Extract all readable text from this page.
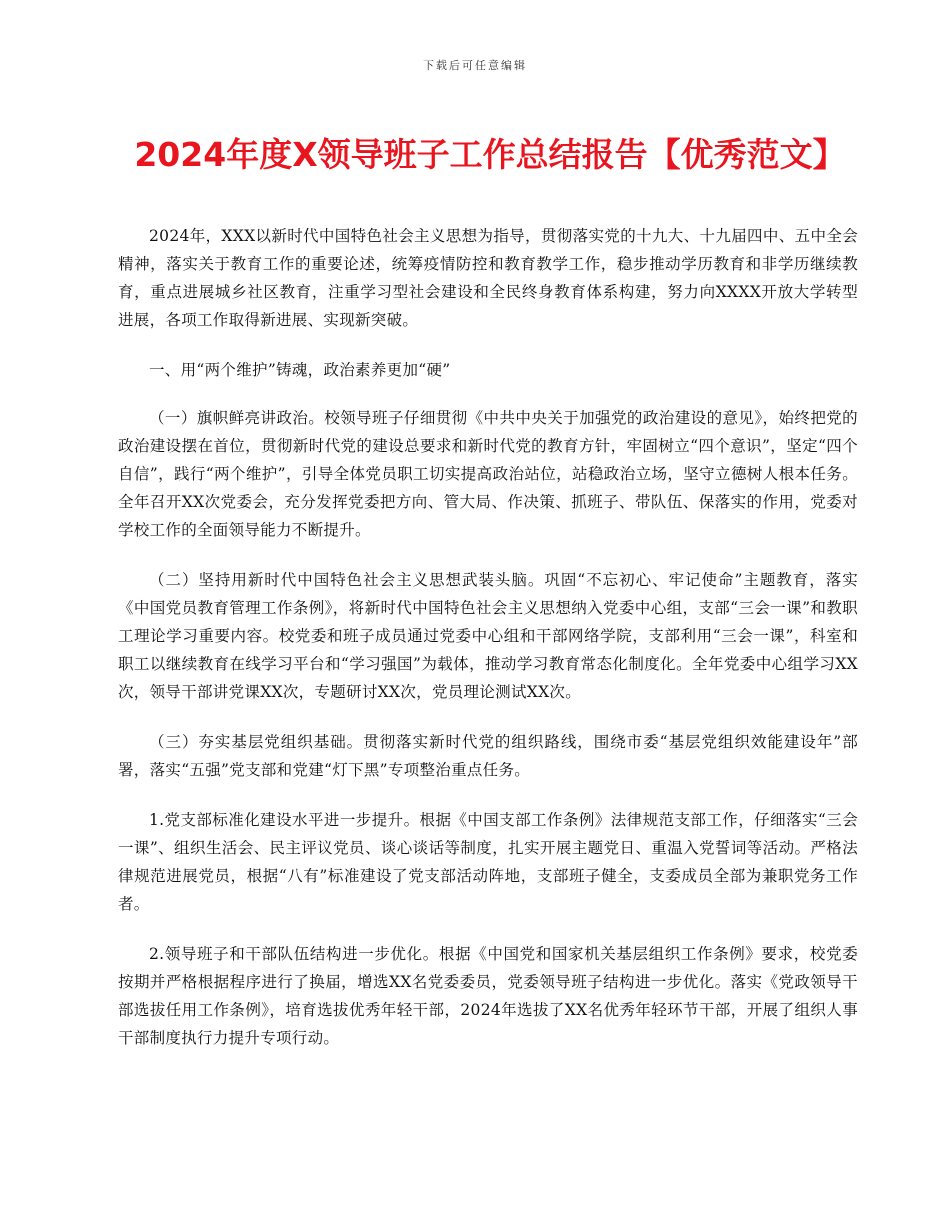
下载后可任意编辑
2024年度X领导班子工作总结报告【优秀范文】

2024年，XXX以新时代中国特色社会主义思想为指导，贯彻落实党的十九大、十九届四中、五中全会精神，落实关于教育工作的重要论述，统筹疫情防控和教育教学工作，稳步推动学历教育和非学历继续教育，重点进展城乡社区教育，注重学习型社会建设和全民终身教育体系构建，努力向XXXX开放大学转型进展，各项工作取得新进展、实现新突破。

一、用“两个维护”铸魂，政治素养更加“硬”

（一）旗帜鲜亮讲政治。校领导班子仔细贯彻《中共中央关于加强党的政治建设的意见》，始终把党的政治建设摆在首位，贯彻新时代党的建设总要求和新时代党的教育方针，牢固树立“四个意识”，坚定“四个自信”，践行“两个维护”，引导全体党员职工切实提高政治站位，站稳政治立场，坚守立德树人根本任务。全年召开XX次党委会，充分发挥党委把方向、管大局、作决策、抓班子、带队伍、保落实的作用，党委对学校工作的全面领导能力不断提升。

（二）坚持用新时代中国特色社会主义思想武装头脑。巩固“不忘初心、牢记使命”主题教育，落实《中国党员教育管理工作条例》，将新时代中国特色社会主义思想纳入党委中心组，支部“三会一课”和教职工理论学习重要内容。校党委和班子成员通过党委中心组和干部网络学院，支部利用“三会一课”，科室和职工以继续教育在线学习平台和“学习强国”为载体，推动学习教育常态化制度化。全年党委中心组学习XX次，领导干部讲党课XX次，专题研讨XX次，党员理论测试XX次。

（三）夯实基层党组织基础。贯彻落实新时代党的组织路线，围绕市委“基层党组织效能建设年”部署，落实“五强”党支部和党建“灯下黑”专项整治重点任务。

1.党支部标准化建设水平进一步提升。根据《中国支部工作条例》法律规范支部工作，仔细落实“三会一课”、组织生活会、民主评议党员、谈心谈话等制度，扎实开展主题党日、重温入党誓词等活动。严格法律规范进展党员，根据“八有”标准建设了党支部活动阵地，支部班子健全，支委成员全部为兼职党务工作者。

2.领导班子和干部队伍结构进一步优化。根据《中国党和国家机关基层组织工作条例》要求，校党委按期并严格根据程序进行了换届，增选XX名党委委员，党委领导班子结构进一步优化。落实《党政领导干部选拔任用工作条例》，培育选拔优秀年轻干部，2024年选拔了XX名优秀年轻环节干部，开展了组织人事干部制度执行力提升专项行动。
